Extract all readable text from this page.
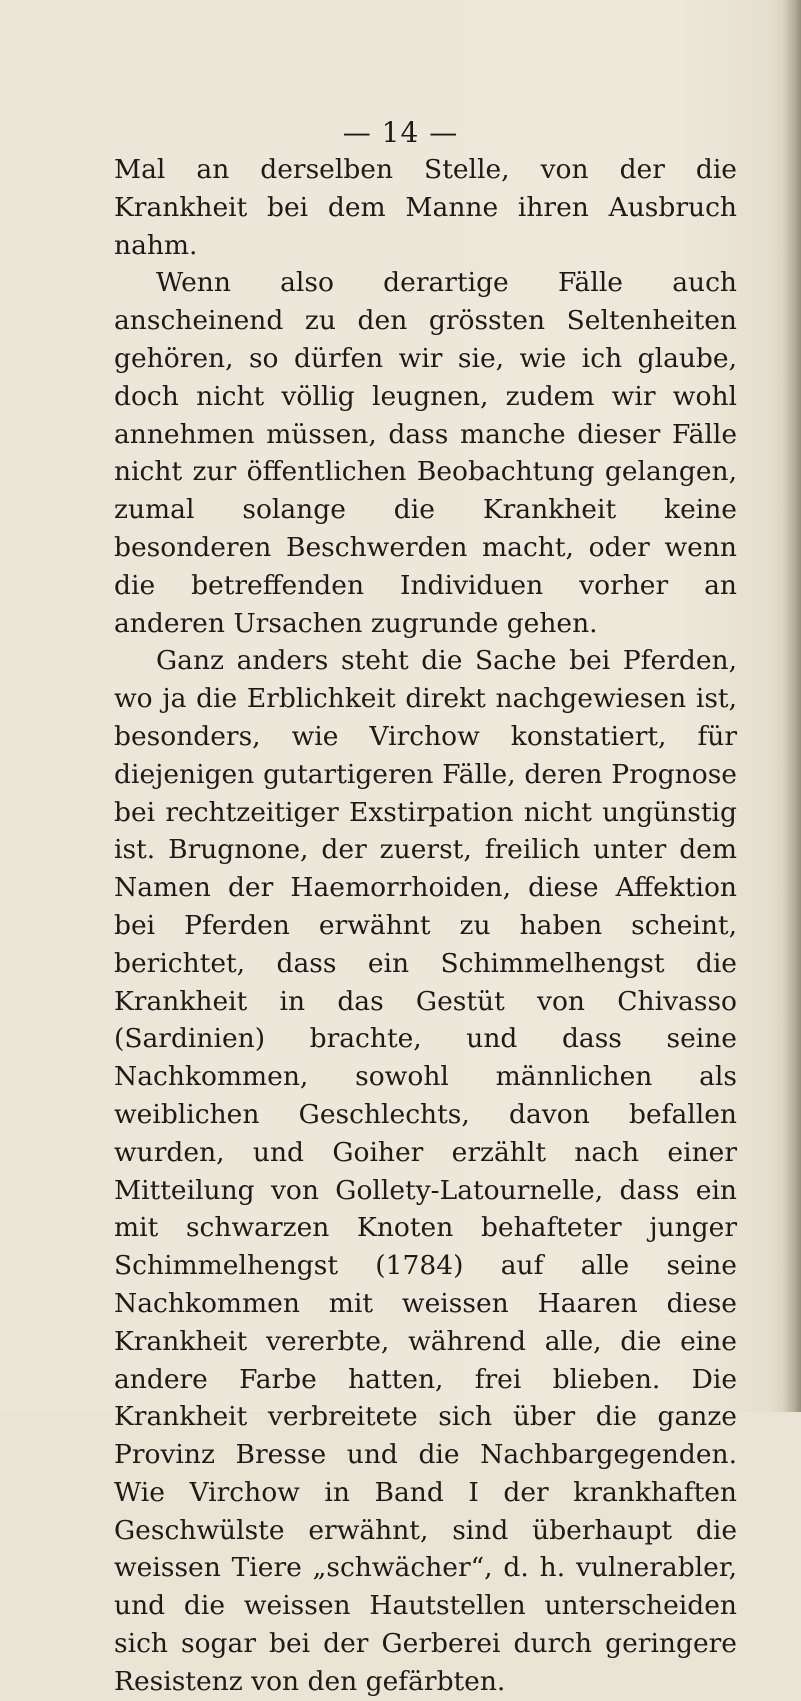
— 14 —

Mal an derselben Stelle, von der die Krankheit bei dem Manne ihren Ausbruch nahm.

Wenn also derartige Fälle auch anscheinend zu den grössten Seltenheiten gehören, so dürfen wir sie, wie ich glaube, doch nicht völlig leugnen, zudem wir wohl annehmen müssen, dass manche dieser Fälle nicht zur öffentlichen Beobachtung gelangen, zumal solange die Krankheit keine besonderen Beschwerden macht, oder wenn die betreffenden Individuen vorher an anderen Ursachen zugrunde gehen.

Ganz anders steht die Sache bei Pferden, wo ja die Erblichkeit direkt nachgewiesen ist, besonders, wie Virchow konstatiert, für diejenigen gutartigeren Fälle, deren Prognose bei rechtzeitiger Exstirpation nicht ungünstig ist. Brugnone, der zuerst, freilich unter dem Namen der Haemorrhoiden, diese Affektion bei Pferden erwähnt zu haben scheint, berichtet, dass ein Schimmelhengst die Krankheit in das Gestüt von Chivasso (Sardinien) brachte, und dass seine Nachkommen, sowohl männlichen als weiblichen Geschlechts, davon befallen wurden, und Goiher erzählt nach einer Mitteilung von Gollety-Latournelle, dass ein mit schwarzen Knoten behafteter junger Schimmelhengst (1784) auf alle seine Nachkommen mit weissen Haaren diese Krankheit vererbte, während alle, die eine andere Farbe hatten, frei blieben. Die Krankheit verbreitete sich über die ganze Provinz Bresse und die Nachbargegenden. Wie Virchow in Band I der krankhaften Geschwülste erwähnt, sind überhaupt die weissen Tiere „schwächer“, d. h. vulnerabler, und die weissen Hautstellen unterscheiden sich sogar bei der Gerberei durch geringere Resistenz von den gefärbten.
